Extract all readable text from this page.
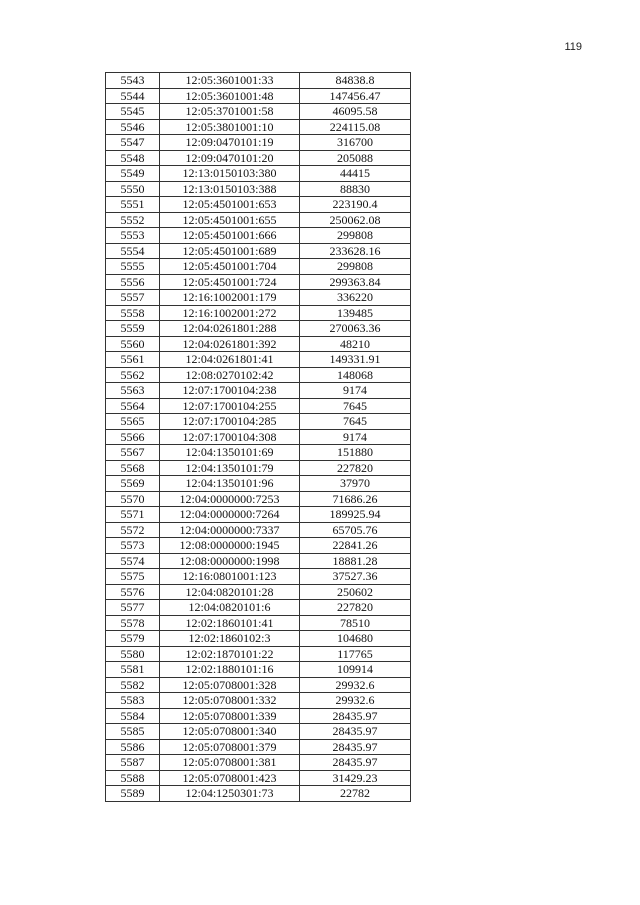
119
5543	12:05:3601001:33	84838.8
5544	12:05:3601001:48	147456.47
5545	12:05:3701001:58	46095.58
5546	12:05:3801001:10	224115.08
5547	12:09:0470101:19	316700
5548	12:09:0470101:20	205088
5549	12:13:0150103:380	44415
5550	12:13:0150103:388	88830
5551	12:05:4501001:653	223190.4
5552	12:05:4501001:655	250062.08
5553	12:05:4501001:666	299808
5554	12:05:4501001:689	233628.16
5555	12:05:4501001:704	299808
5556	12:05:4501001:724	299363.84
5557	12:16:1002001:179	336220
5558	12:16:1002001:272	139485
5559	12:04:0261801:288	270063.36
5560	12:04:0261801:392	48210
5561	12:04:0261801:41	149331.91
5562	12:08:0270102:42	148068
5563	12:07:1700104:238	9174
5564	12:07:1700104:255	7645
5565	12:07:1700104:285	7645
5566	12:07:1700104:308	9174
5567	12:04:1350101:69	151880
5568	12:04:1350101:79	227820
5569	12:04:1350101:96	37970
5570	12:04:0000000:7253	71686.26
5571	12:04:0000000:7264	189925.94
5572	12:04:0000000:7337	65705.76
5573	12:08:0000000:1945	22841.26
5574	12:08:0000000:1998	18881.28
5575	12:16:0801001:123	37527.36
5576	12:04:0820101:28	250602
5577	12:04:0820101:6	227820
5578	12:02:1860101:41	78510
5579	12:02:1860102:3	104680
5580	12:02:1870101:22	117765
5581	12:02:1880101:16	109914
5582	12:05:0708001:328	29932.6
5583	12:05:0708001:332	29932.6
5584	12:05:0708001:339	28435.97
5585	12:05:0708001:340	28435.97
5586	12:05:0708001:379	28435.97
5587	12:05:0708001:381	28435.97
5588	12:05:0708001:423	31429.23
5589	12:04:1250301:73	22782
